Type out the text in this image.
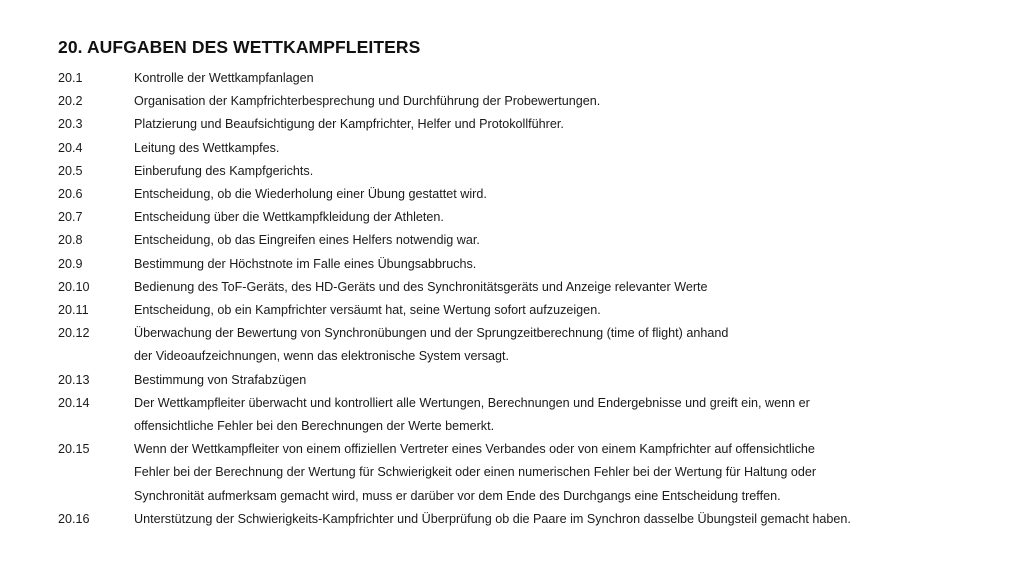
20. AUFGABEN DES WETTKAMPFLEITERS
20.1	Kontrolle der Wettkampfanlagen
20.2	Organisation der Kampfrichterbesprechung und Durchführung der Probewertungen.
20.3	Platzierung und Beaufsichtigung der Kampfrichter, Helfer und Protokollführer.
20.4	Leitung des Wettkampfes.
20.5	Einberufung des Kampfgerichts.
20.6	Entscheidung, ob die Wiederholung einer Übung gestattet wird.
20.7	Entscheidung über die Wettkampfkleidung der Athleten.
20.8	Entscheidung, ob das Eingreifen eines Helfers notwendig war.
20.9	Bestimmung der Höchstnote im Falle eines Übungsabbruchs.
20.10	Bedienung des ToF-Geräts, des HD-Geräts und des Synchronitätsgeräts und Anzeige relevanter Werte
20.11	Entscheidung, ob ein Kampfrichter versäumt hat, seine Wertung sofort aufzuzeigen.
20.12	Überwachung der Bewertung von Synchronübungen und der Sprungzeitberechnung (time of flight) anhand
der Videoaufzeichnungen, wenn das elektronische System versagt.
20.13	Bestimmung von Strafabzügen
20.14	Der Wettkampfleiter überwacht und kontrolliert alle Wertungen, Berechnungen und Endergebnisse und greift ein, wenn er
offensichtliche Fehler bei den Berechnungen der Werte bemerkt.
20.15	Wenn der Wettkampfleiter von einem offiziellen Vertreter eines Verbandes oder von einem Kampfrichter auf offensichtliche
Fehler bei der Berechnung der Wertung für Schwierigkeit oder einen numerischen Fehler bei der Wertung für Haltung oder
Synchronität aufmerksam gemacht wird, muss er darüber vor dem Ende des Durchgangs eine Entscheidung treffen.
20.16	Unterstützung der Schwierigkeits-Kampfrichter und Überprüfung ob die Paare im Synchron dasselbe Übungsteil gemacht haben.
